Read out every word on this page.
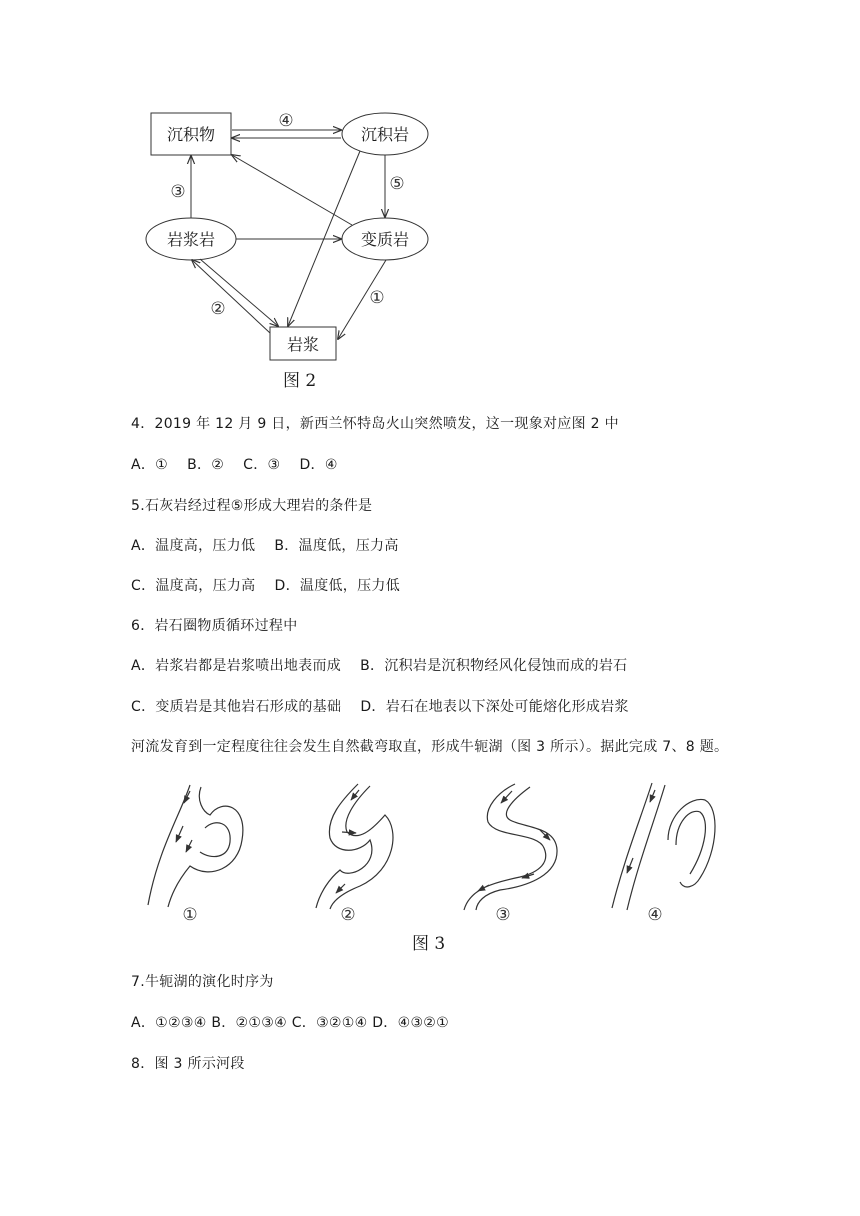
沉积物	沉积岩
岩浆岩	变质岩
岩浆
④
③	⑤
②
①
图 2
4．2019 年 12 月 9 日，新西兰怀特岛火山突然喷发，这一现象对应图 2 中
A．①　 B．②　 C．③　 D．④
5.石灰岩经过程⑤形成大理岩的条件是
A．温度高，压力低　 B．温度低，压力高
C．温度高，压力高　 D．温度低，压力低
6．岩石圈物质循环过程中
A．岩浆岩都是岩浆喷出地表而成　 B．沉积岩是沉积物经风化侵蚀而成的岩石
C．变质岩是其他岩石形成的基础　 D．岩石在地表以下深处可能熔化形成岩浆
河流发育到一定程度往往会发生自然截弯取直，形成牛轭湖（图 3 所示）。据此完成 7、8 题。
①	②	③	④
图 3
7.牛轭湖的演化时序为
A．①②③④ B．②①③④ C．③②①④ D．④③②①
8．图 3 所示河段
